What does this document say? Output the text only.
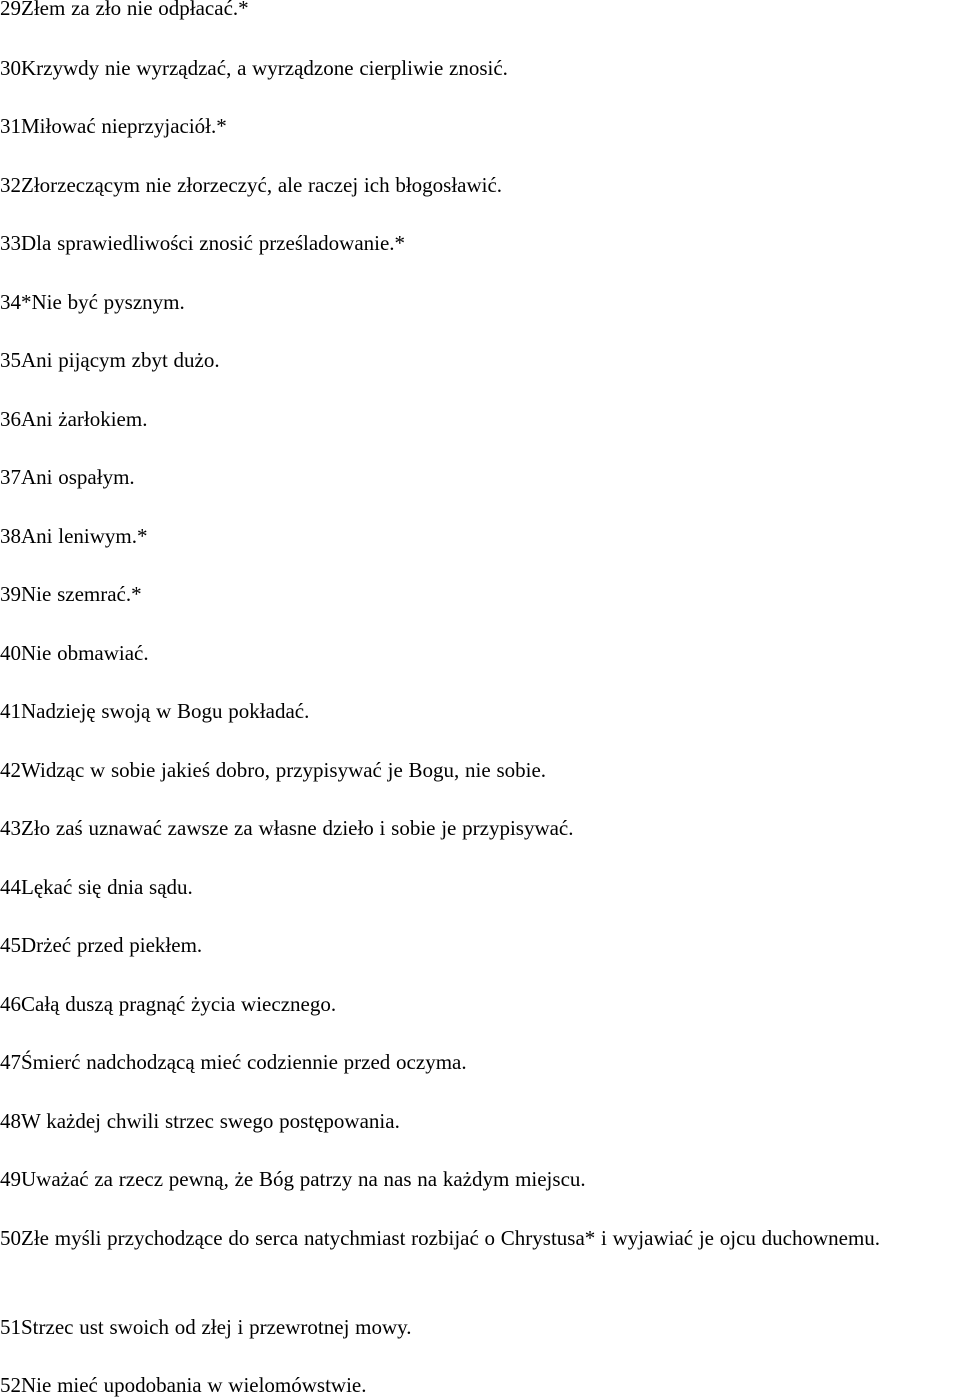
29Złem za zło nie odpłacać.*

30Krzywdy nie wyrządzać, a wyrządzone cierpliwie znosić.

31Miłować nieprzyjaciół.*

32Złorzeczącym nie złorzeczyć, ale raczej ich błogosławić.

33Dla sprawiedliwości znosić prześladowanie.*

34*Nie być pysznym.

35Ani pijącym zbyt dużo.

36Ani żarłokiem.

37Ani ospałym.

38Ani leniwym.*

39Nie szemrać.*

40Nie obmawiać.

41Nadzieję swoją w Bogu pokładać.

42Widząc w sobie jakieś dobro, przypisywać je Bogu, nie sobie.

43Zło zaś uznawać zawsze za własne dzieło i sobie je przypisywać.

44Lękać się dnia sądu.

45Drżeć przed piekłem.

46Całą duszą pragnąć życia wiecznego.

47Śmierć nadchodzącą mieć codziennie przed oczyma.

48W każdej chwili strzec swego postępowania.

49Uważać za rzecz pewną, że Bóg patrzy na nas na każdym miejscu.

50Złe myśli przychodzące do serca natychmiast rozbijać o Chrystusa* i wyjawiać je ojcu duchownemu.

51Strzec ust swoich od złej i przewrotnej mowy.

52Nie mieć upodobania w wielomówstwie.
